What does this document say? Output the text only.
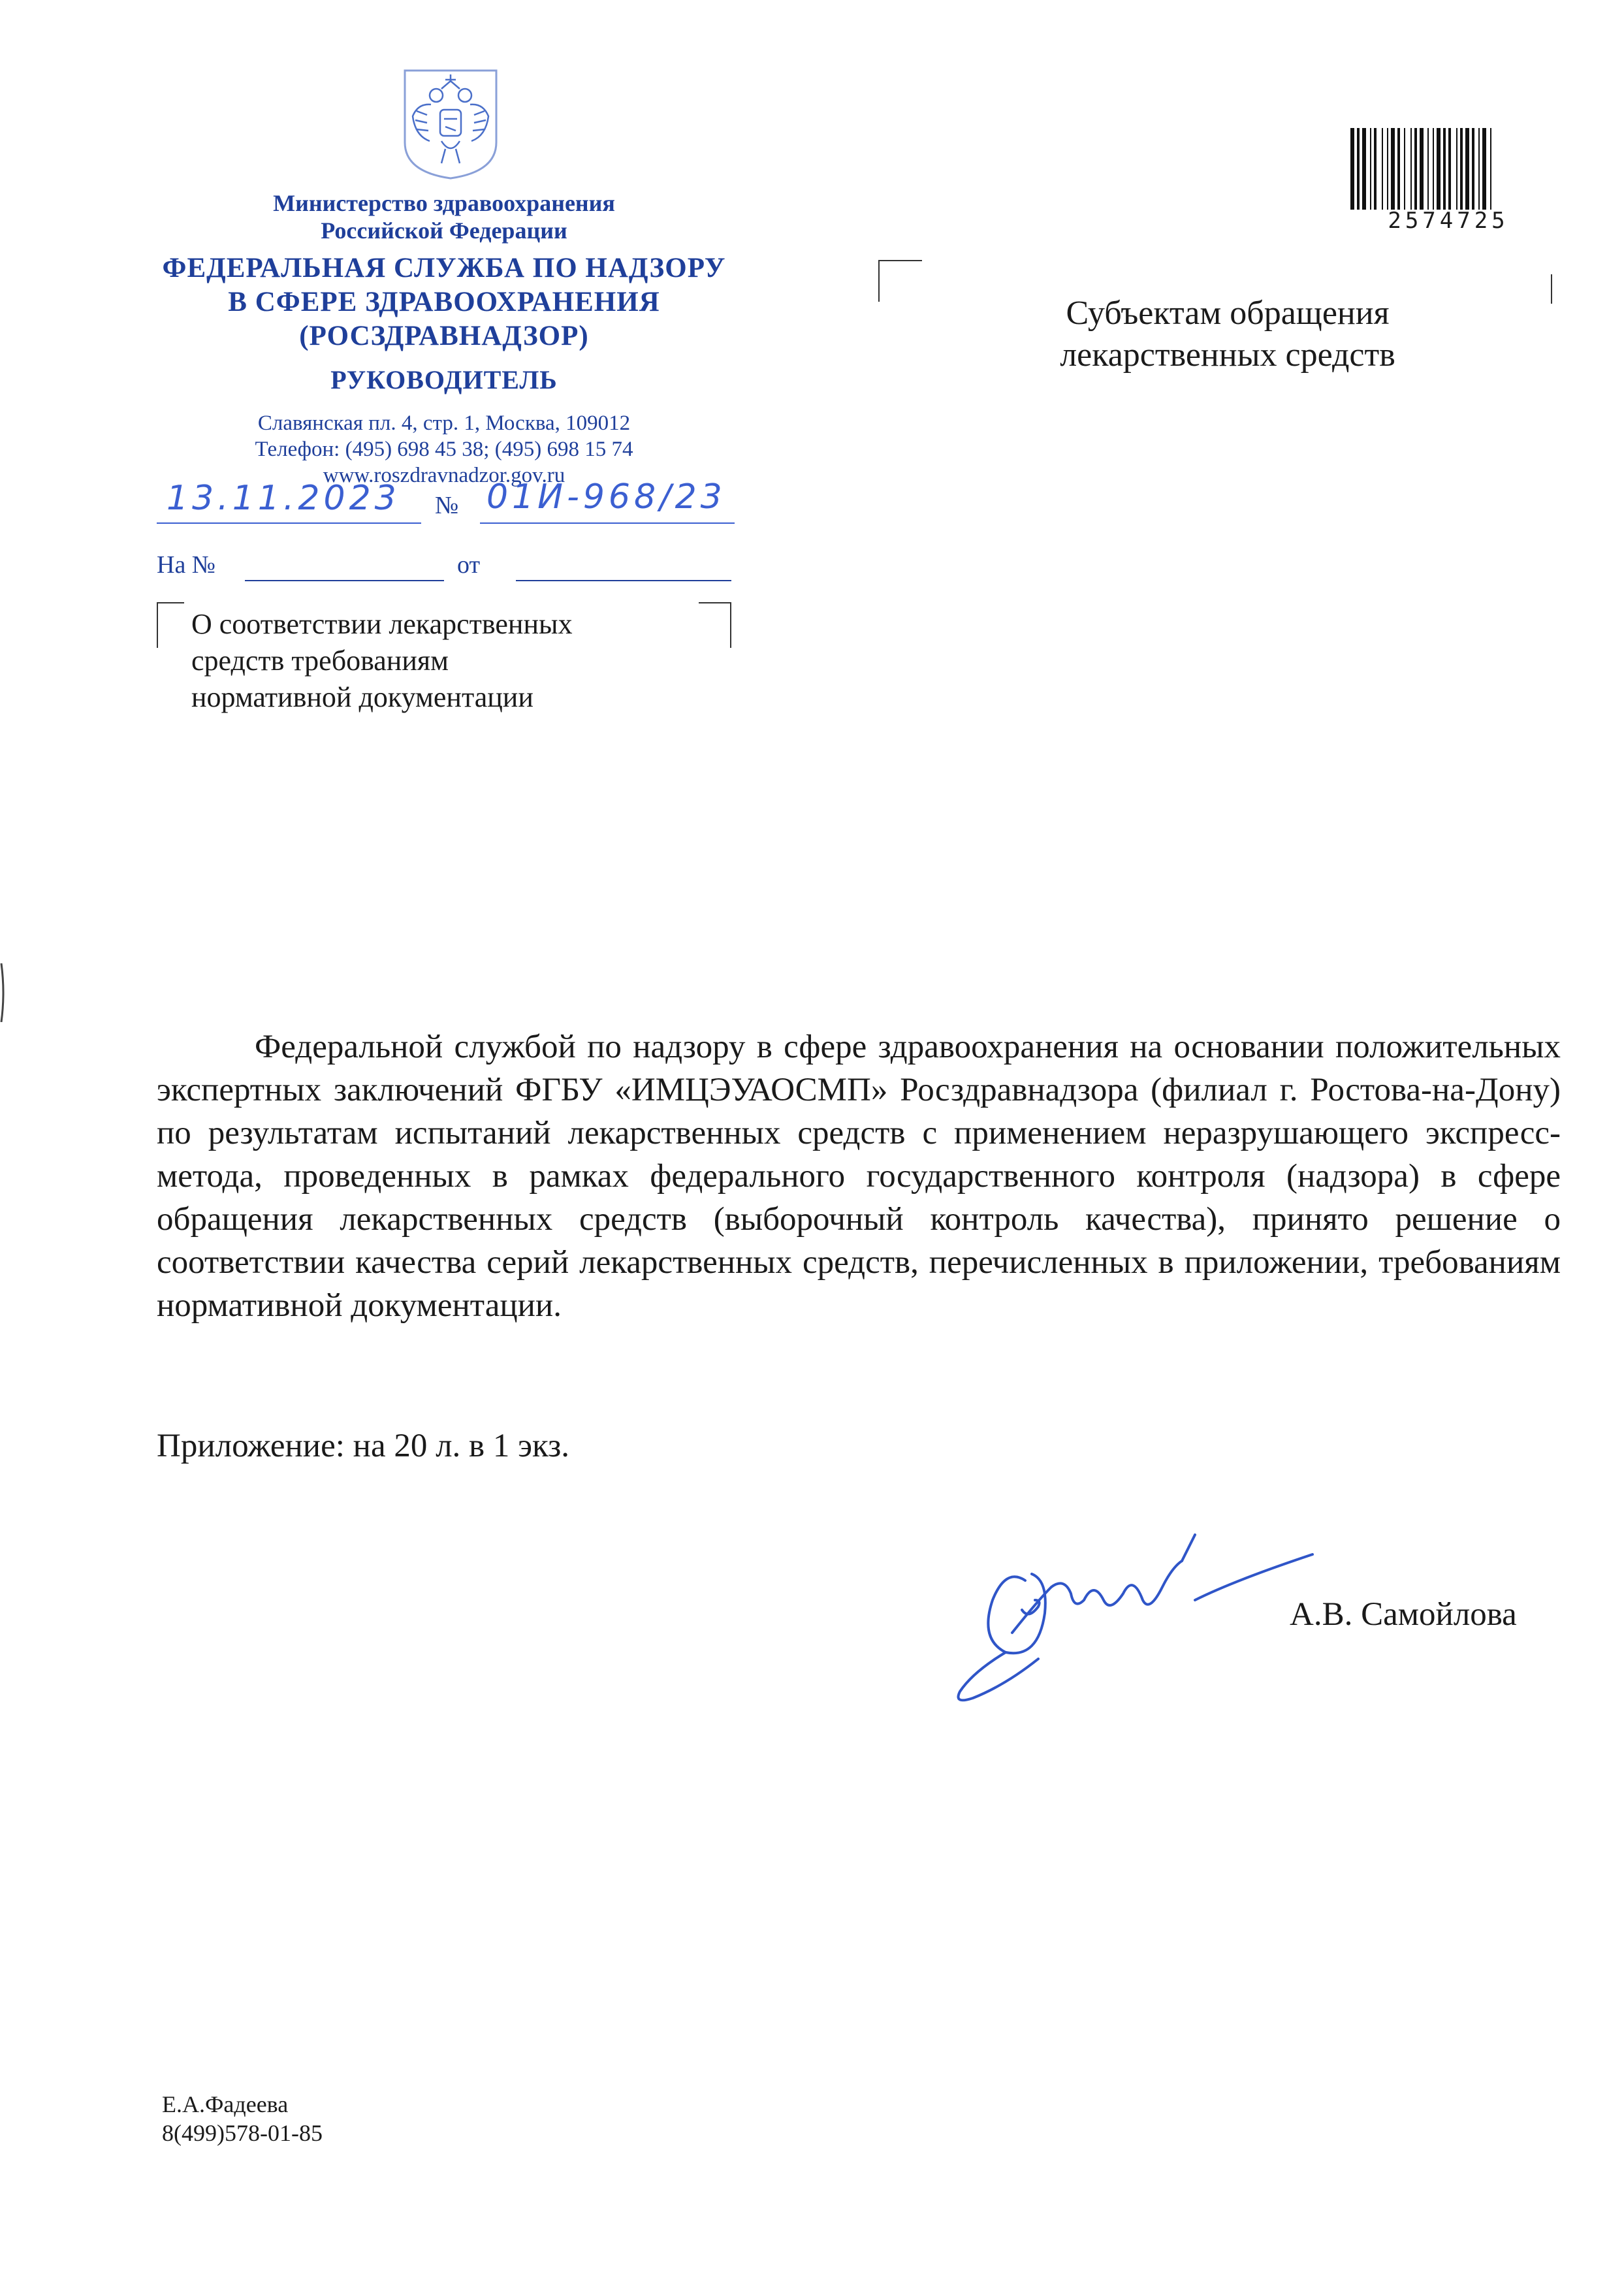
Министерство здравоохранения
Российской Федерации
ФЕДЕРАЛЬНАЯ СЛУЖБА ПО НАДЗОРУ
В СФЕРЕ ЗДРАВООХРАНЕНИЯ
(РОСЗДРАВНАДЗОР)
РУКОВОДИТЕЛЬ
Славянская пл. 4, стр. 1, Москва, 109012
Телефон: (495) 698 45 38; (495) 698 15 74
www.roszdravnadzor.gov.ru
13.11.2023	№ 01И-968/23
На №	от
О соответствии лекарственных
средств требованиям
нормативной документации
Субъектам обращения
лекарственных средств
2574725
Федеральной службой по надзору в сфере здравоохранения на основании положительных экспертных заключений ФГБУ «ИМЦЭУАОСМП» Росздравнадзора (филиал г. Ростова-на-Дону) по результатам испытаний лекарственных средств с применением неразрушающего экспресс-метода, проведенных в рамках федерального государственного контроля (надзора) в сфере обращения лекарственных средств (выборочный контроль качества), принято решение о соответствии качества серий лекарственных средств, перечисленных в приложении, требованиям нормативной документации.
Приложение: на 20 л. в 1 экз.
А.В. Самойлова
Е.А.Фадеева
8(499)578-01-85
